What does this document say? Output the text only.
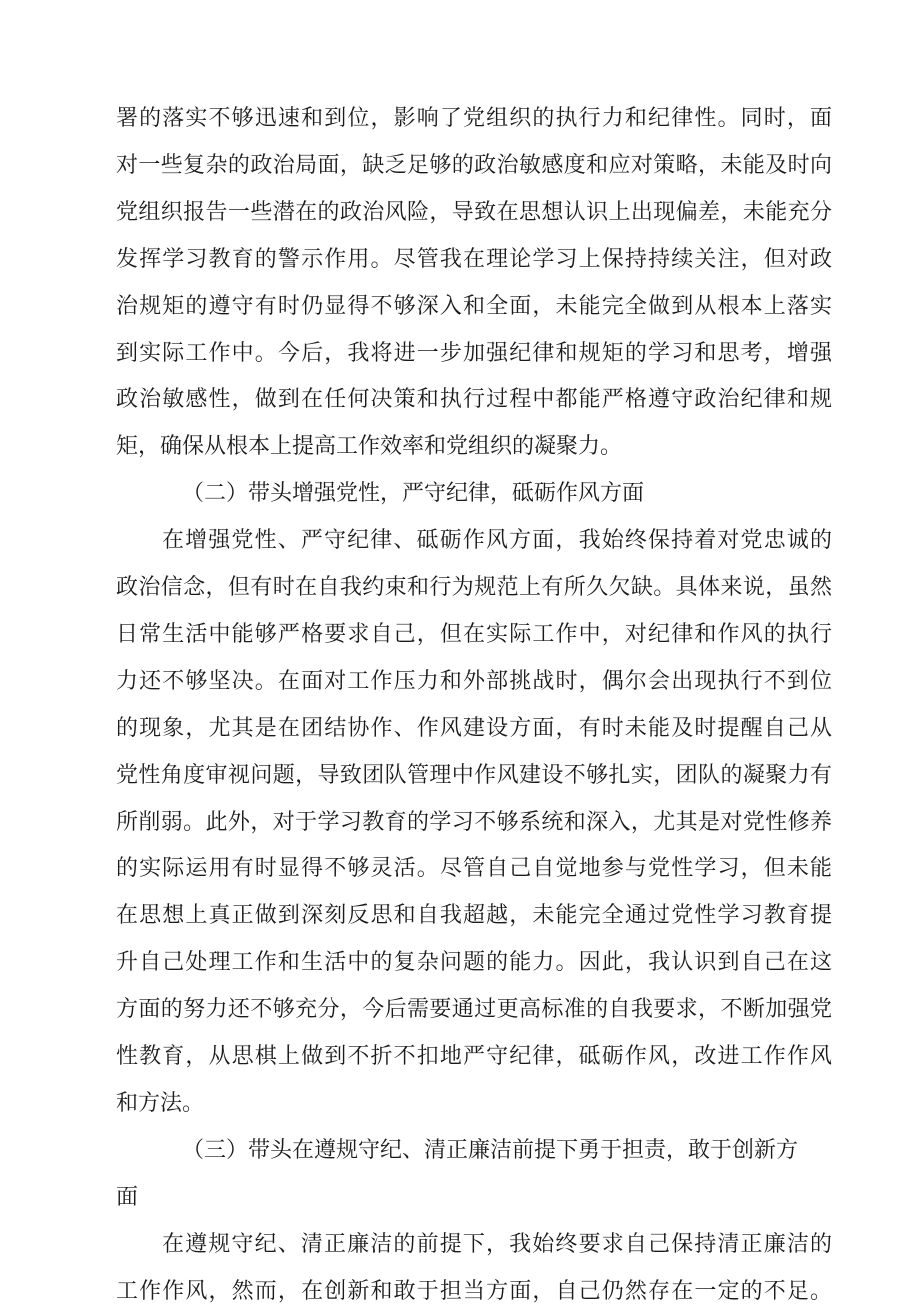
署的落实不够迅速和到位，影响了党组织的执行力和纪律性。同时，面
对一些复杂的政治局面，缺乏足够的政治敏感度和应对策略，未能及时向
党组织报告一些潜在的政治风险，导致在思想认识上出现偏差，未能充分
发挥学习教育的警示作用。尽管我在理论学习上保持持续关注，但对政
治规矩的遵守有时仍显得不够深入和全面，未能完全做到从根本上落实
到实际工作中。今后，我将进一步加强纪律和规矩的学习和思考，增强
政治敏感性，做到在任何决策和执行过程中都能严格遵守政治纪律和规
矩，确保从根本上提高工作效率和党组织的凝聚力。
（二）带头增强党性，严守纪律，砥砺作风方面
在增强党性、严守纪律、砥砺作风方面，我始终保持着对党忠诚的
政治信念，但有时在自我约束和行为规范上有所久欠缺。具体来说，虽然
日常生活中能够严格要求自己，但在实际工作中，对纪律和作风的执行
力还不够坚决。在面对工作压力和外部挑战时，偶尔会出现执行不到位
的现象，尤其是在团结协作、作风建设方面，有时未能及时提醒自己从
党性角度审视问题，导致团队管理中作风建设不够扎实，团队的凝聚力有
所削弱。此外，对于学习教育的学习不够系统和深入，尤其是对党性修养
的实际运用有时显得不够灵活。尽管自己自觉地参与党性学习，但未能
在思想上真正做到深刻反思和自我超越，未能完全通过党性学习教育提
升自己处理工作和生活中的复杂问题的能力。因此，我认识到自己在这
方面的努力还不够充分，今后需要通过更高标准的自我要求，不断加强党
性教育，从思棋上做到不折不扣地严守纪律，砥砺作风，改进工作作风
和方法。
（三）带头在遵规守纪、清正廉洁前提下勇于担责，敢于创新方
面
在遵规守纪、清正廉洁的前提下，我始终要求自己保持清正廉洁的
工作作风，然而，在创新和敢于担当方面，自己仍然存在一定的不足。
